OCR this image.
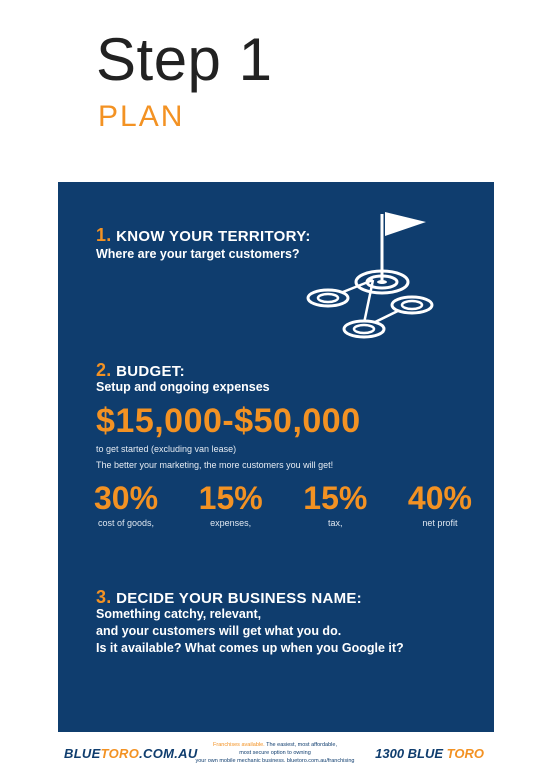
Step 1
PLAN
1. KNOW YOUR TERRITORY:
Where are your target customers?
2. BUDGET:
Setup and ongoing expenses
$15,000-$50,000
to get started (excluding van lease)
The better your marketing, the more customers you will get!
30%
cost of goods,
15%
expenses,
15%
tax,
40%
net profit
3. DECIDE YOUR BUSINESS NAME:
Something catchy, relevant,
and your customers will get what you do.
Is it available? What comes up when you Google it?
BLUETORO.COM.AU
Franchises available. The easiest, most affordable,
most secure option to owning
your own mobile mechanic business. bluetoro.com.au/franchising	1300 BLUE TORO
